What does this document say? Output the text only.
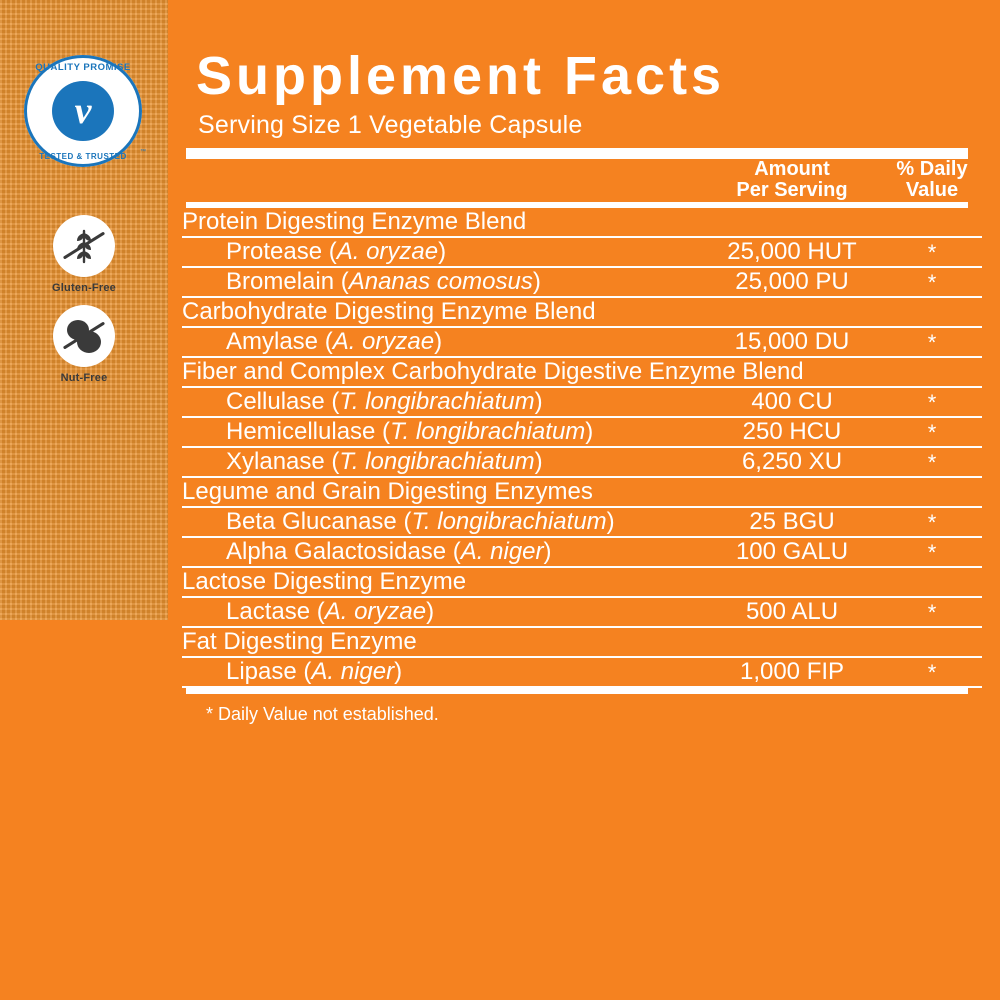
QUALITY PROMISE
v
TESTED & TRUSTED	™
Gluten-Free
Nut-Free
Supplement Facts
Serving Size 1 Vegetable Capsule

Amount
Per Serving

% Daily
Value
Protein Digesting Enzyme Blend		
Protease (A. oryzae)	25,000 HUT	*
Bromelain (Ananas comosus)	25,000 PU	*
Carbohydrate Digesting Enzyme Blend		
Amylase (A. oryzae)	15,000 DU	*
Fiber and Complex Carbohydrate Digestive Enzyme Blend		
Cellulase (T. longibrachiatum)	400 CU	*
Hemicellulase (T. longibrachiatum)	250 HCU	*
Xylanase (T. longibrachiatum)	6,250 XU	*
Legume and Grain Digesting Enzymes		
Beta Glucanase (T. longibrachiatum)	25 BGU	*
Alpha Galactosidase (A. niger)	100 GALU	*
Lactose Digesting Enzyme		
Lactase (A. oryzae)	500 ALU	*
Fat Digesting Enzyme		
Lipase (A. niger)	1,000 FIP	*
* Daily Value not established.
